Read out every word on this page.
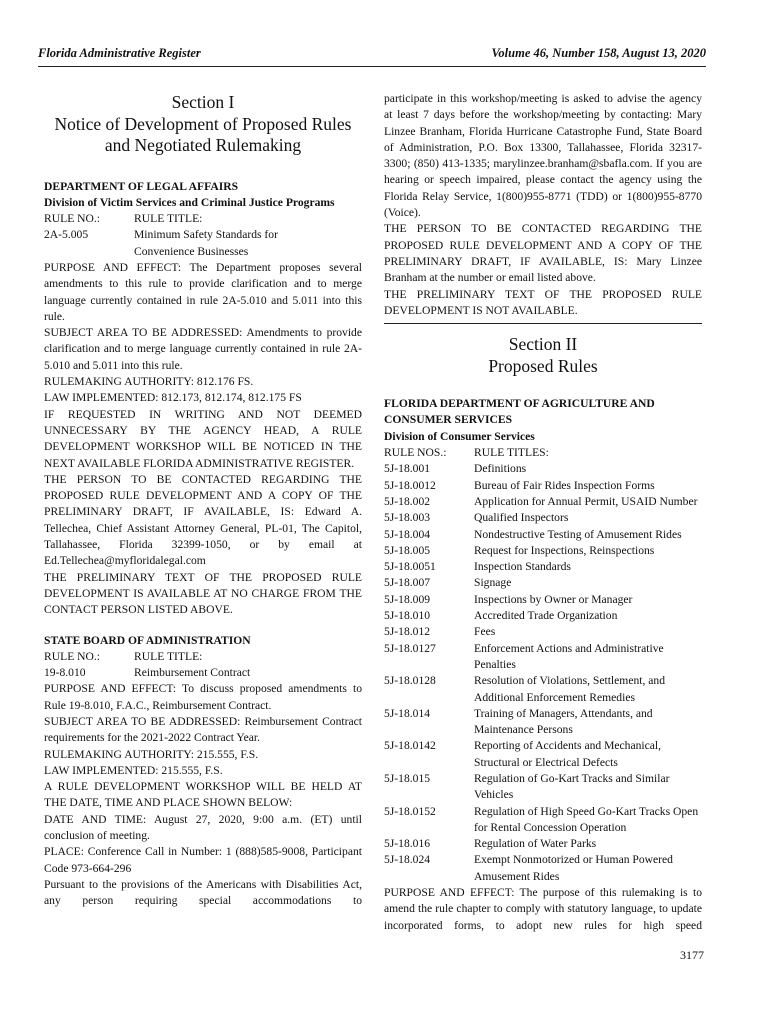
Florida Administrative Register	Volume 46, Number 158, August 13, 2020
Section I
Notice of Development of Proposed Rules
and Negotiated Rulemaking

DEPARTMENT OF LEGAL AFFAIRS

Division of Victim Services and Criminal Justice Programs

RULE NO.:	RULE TITLE:
2A-5.005	Minimum Safety Standards for Convenience Businesses

PURPOSE AND EFFECT: The Department proposes several amendments to this rule to provide clarification and to merge language currently contained in rule 2A-5.010 and 5.011 into this rule.

SUBJECT AREA TO BE ADDRESSED: Amendments to provide clarification and to merge language currently contained in rule 2A-5.010 and 5.011 into this rule.

RULEMAKING AUTHORITY: 812.176 FS.

LAW IMPLEMENTED: 812.173, 812.174, 812.175 FS

IF REQUESTED IN WRITING AND NOT DEEMED UNNECESSARY BY THE AGENCY HEAD, A RULE DEVELOPMENT WORKSHOP WILL BE NOTICED IN THE NEXT AVAILABLE FLORIDA ADMINISTRATIVE REGISTER.

THE PERSON TO BE CONTACTED REGARDING THE PROPOSED RULE DEVELOPMENT AND A COPY OF THE PRELIMINARY DRAFT, IF AVAILABLE, IS: Edward A. Tellechea, Chief Assistant Attorney General, PL-01, The Capitol, Tallahassee, Florida 32399-1050, or by email at Ed.Tellechea@myfloridalegal.com

THE PRELIMINARY TEXT OF THE PROPOSED RULE DEVELOPMENT IS AVAILABLE AT NO CHARGE FROM THE CONTACT PERSON LISTED ABOVE.

STATE BOARD OF ADMINISTRATION

RULE NO.:	RULE TITLE:
19-8.010	Reimbursement Contract

PURPOSE AND EFFECT: To discuss proposed amendments to Rule 19-8.010, F.A.C., Reimbursement Contract.

SUBJECT AREA TO BE ADDRESSED: Reimbursement Contract requirements for the 2021-2022 Contract Year.

RULEMAKING AUTHORITY: 215.555, F.S.

LAW IMPLEMENTED: 215.555, F.S.

A RULE DEVELOPMENT WORKSHOP WILL BE HELD AT THE DATE, TIME AND PLACE SHOWN BELOW:

DATE AND TIME: August 27, 2020, 9:00 a.m. (ET) until conclusion of meeting.

PLACE: Conference Call in Number: 1 (888)585-9008, Participant Code 973-664-296

Pursuant to the provisions of the Americans with Disabilities Act, any person requiring special accommodations to

participate in this workshop/meeting is asked to advise the agency at least 7 days before the workshop/meeting by contacting: Mary Linzee Branham, Florida Hurricane Catastrophe Fund, State Board of Administration, P.O. Box 13300, Tallahassee, Florida 32317-3300; (850) 413-1335; marylinzee.branham@sbafla.com. If you are hearing or speech impaired, please contact the agency using the Florida Relay Service, 1(800)955-8771 (TDD) or 1(800)955-8770 (Voice).

THE PERSON TO BE CONTACTED REGARDING THE PROPOSED RULE DEVELOPMENT AND A COPY OF THE PRELIMINARY DRAFT, IF AVAILABLE, IS: Mary Linzee Branham at the number or email listed above.

THE PRELIMINARY TEXT OF THE PROPOSED RULE DEVELOPMENT IS NOT AVAILABLE.

Section II
Proposed Rules

FLORIDA DEPARTMENT OF AGRICULTURE AND CONSUMER SERVICES

Division of Consumer Services

RULE NOS.:	RULE TITLES:
5J-18.001	Definitions
5J-18.0012	Bureau of Fair Rides Inspection Forms
5J-18.002	Application for Annual Permit, USAID Number
5J-18.003	Qualified Inspectors
5J-18.004	Nondestructive Testing of Amusement Rides
5J-18.005	Request for Inspections, Reinspections
5J-18.0051	Inspection Standards
5J-18.007	Signage
5J-18.009	Inspections by Owner or Manager
5J-18.010	Accredited Trade Organization
5J-18.012	Fees
5J-18.0127	Enforcement Actions and Administrative Penalties
5J-18.0128	Resolution of Violations, Settlement, and Additional Enforcement Remedies
5J-18.014	Training of Managers, Attendants, and Maintenance Persons
5J-18.0142	Reporting of Accidents and Mechanical, Structural or Electrical Defects
5J-18.015	Regulation of Go-Kart Tracks and Similar Vehicles
5J-18.0152	Regulation of High Speed Go-Kart Tracks Open for Rental Concession Operation
5J-18.016	Regulation of Water Parks
5J-18.024	Exempt Nonmotorized or Human Powered Amusement Rides

PURPOSE AND EFFECT: The purpose of this rulemaking is to amend the rule chapter to comply with statutory language, to update incorporated forms, to adopt new rules for high speed

3177
